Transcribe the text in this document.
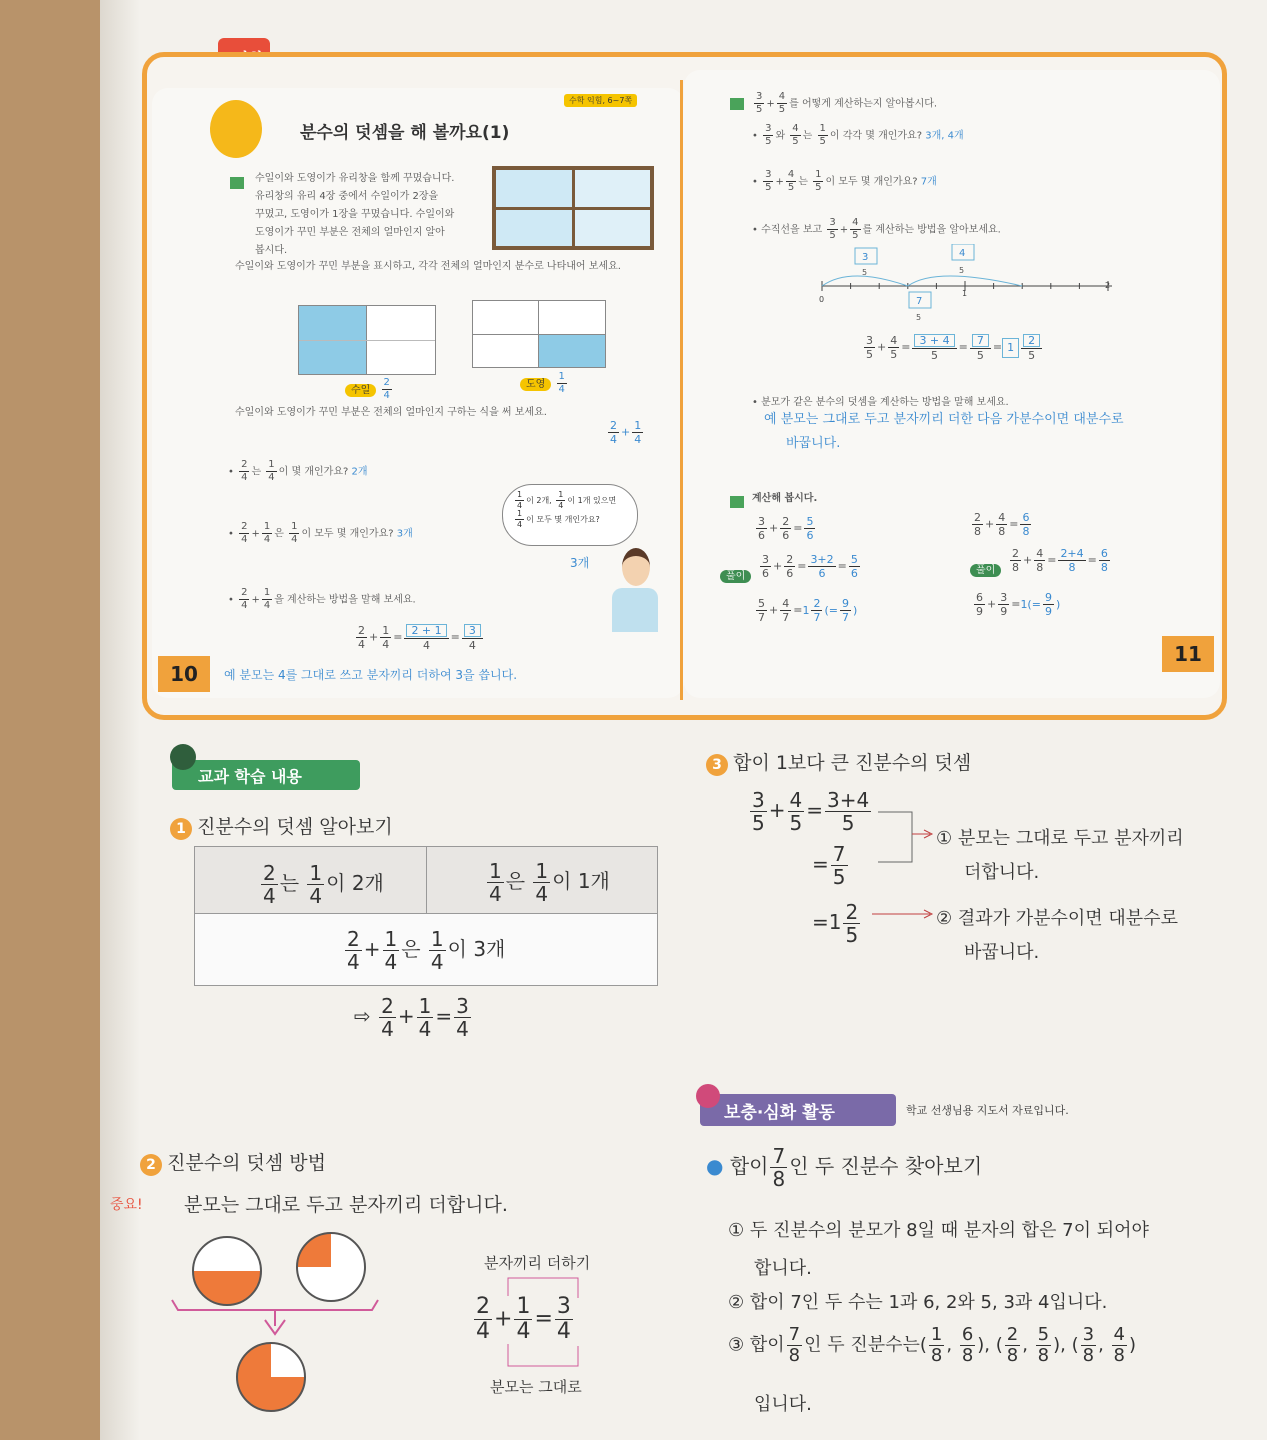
수학 익힘, 6~7쪽
분수의 덧셈을 해 볼까요(1)
수일이와 도영이가 유리창을 함께 꾸몄습니다.
유리창의 유리 4장 중에서 수일이가 2장을
꾸몄고, 도영이가 1장을 꾸몄습니다. 수일이와
도영이가 꾸민 부분은 전체의 얼마인지 알아
봅시다.
수일이와 도영이가 꾸민 부분을 표시하고, 각각 전체의 얼마인지 분수로 나타내어 보세요.
수일 $\frac{2}{4}$	도영 $\frac{1}{4}$
수일이와 도영이가 꾸민 부분은 전체의 얼마인지 구하는 식을 써 보세요.
$\frac{2}{4} + \frac{1}{4}$
• $\frac{2}{4}$ 는 $\frac{1}{4}$ 이 몇 개인가요? 2개
• $\frac{2}{4} + \frac{1}{4}$ 은 $\frac{1}{4}$ 이 모두 몇 개인가요? 3개
$\frac{1}{4}$ 이 2개, $\frac{1}{4}$ 이 1개 있으면

$\frac{1}{4}$ 이 모두 몇 개인가요?
3개
• $\frac{2}{4} + \frac{1}{4}$ 을 계산하는 방법을 말해 보세요.
$\frac{2}{4} + \frac{1}{4} = \frac{2 + 1}{4} = \frac{3}{4}$
10	예 분모는 4를 그대로 쓰고 분자끼리 더하여 3을 씁니다.
$\frac{3}{5} + \frac{4}{5}$ 를 어떻게 계산하는지 알아봅시다.
• $\frac{3}{5}$ 와 $\frac{4}{5}$ 는 $\frac{1}{5}$ 이 각각 몇 개인가요? 3개, 4개
• $\frac{3}{5} + \frac{4}{5}$ 는 $\frac{1}{5}$ 이 모두 몇 개인가요? 7개
• 수직선을 보고 $\frac{3}{5} + \frac{4}{5}$ 를 계산하는 방법을 알아보세요.
3
5
4
5
7
5
0
1
2
$\frac{3}{5} + \frac{4}{5} = \frac{3 + 4}{5} = \frac{7}{5} = 1 \frac{2}{5}$
• 분모가 같은 분수의 덧셈을 계산하는 방법을 말해 보세요.
예 분모는 그대로 두고 분자끼리 더한 다음 가분수이면 대분수로
바꿉니다.
계산해 봅시다.
$\frac{3}{6} + \frac{2}{6} = \frac{5}{6}$
풀이	$\frac{3}{6} + \frac{2}{6} = \frac{3+2}{6} = \frac{5}{6}$
$\frac{5}{7} + \frac{4}{7} =1 \frac{2}{7}$ (= $\frac{9}{7}$ )
$\frac{2}{8} + \frac{4}{8} = \frac{6}{8}$
풀이	$\frac{2}{8} + \frac{4}{8} = \frac{2+4}{8} = \frac{6}{8}$
$\frac{6}{9} + \frac{3}{9} =1(= \frac{9}{9}$ )
11
교과 학습 내용
1 진분수의 덧셈 알아보기
$\frac{2}{4}$ 는 $\frac{1}{4}$ 이 2개	$\frac{1}{4}$ 은 $\frac{1}{4}$ 이 1개
$\frac{2}{4} + \frac{1}{4}$ 은 $\frac{1}{4}$ 이 3개
⇨ $\frac{2}{4} + \frac{1}{4} = \frac{3}{4}$
2 진분수의 덧셈 방법
중요! 분모는 그대로 두고 분자끼리 더합니다.
분자끼리 더하기
$\frac{2}{4} + \frac{1}{4} = \frac{3}{4}$
분모는 그대로
3 합이 1보다 큰 진분수의 덧셈
$\frac{3}{5} + \frac{4}{5} = \frac{3+4}{5}$
= $\frac{7}{5}$
$=1 \frac{2}{5}$
① 분모는 그대로 두고 분자끼리
더합니다.
② 결과가 가분수이면 대분수로
바꿉니다.
보충·심화 활동	학교 선생님용 지도서 자료입니다.
● 합이 $\frac{7}{8}$ 인 두 진분수 찾아보기
① 두 진분수의 분모가 8일 때 분자의 합은 7이 되어야
합니다.
② 합이 7인 두 수는 1과 6, 2와 5, 3과 4입니다.
③ 합이 $\frac{7}{8}$ 인 두 진분수는( $\frac{1}{8}$ , $\frac{6}{8}$ ), ( $\frac{2}{8}$ , $\frac{5}{8}$ ), ( $\frac{3}{8}$ , $\frac{4}{8}$ )
입니다.
